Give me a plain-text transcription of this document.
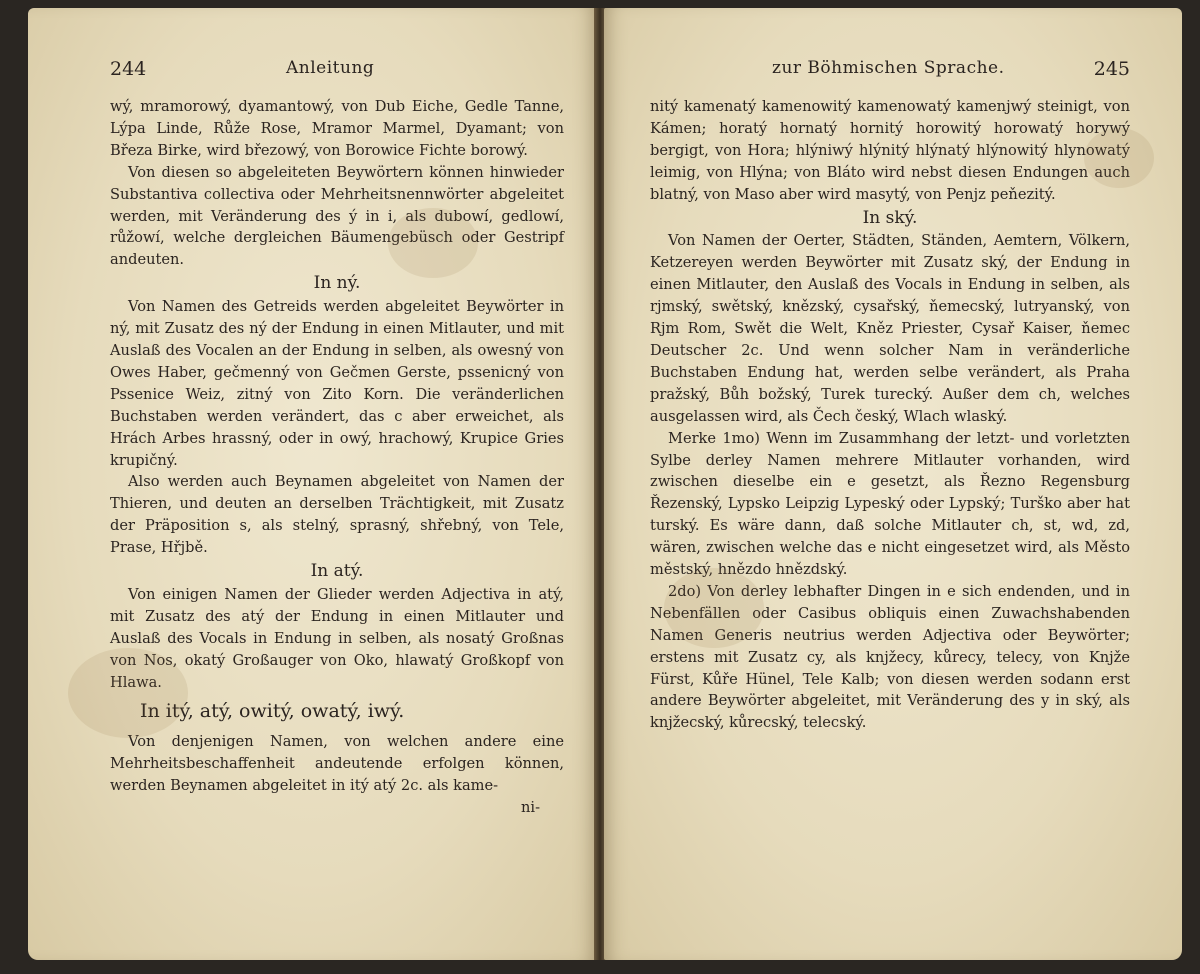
244	Anleitung

wý, mramorowý, dyamantowý, von Dub Eiche, Gedle Tanne, Lýpa Linde, Růže Rose, Mramor Marmel, Dyamant; von Březa Birke, wird březowý, von Borowice Fichte borowý.

Von diesen so abgeleiteten Beywörtern können hinwieder Substantiva collectiva oder Mehrheitsnennwörter abgeleitet werden, mit Veränderung des ý in i, als dubowí, gedlowí, růžowí, welche dergleichen Bäumengebüsch oder Gestripf andeuten.

In ný.

Von Namen des Getreids werden abgeleitet Beywörter in ný, mit Zusatz des ný der Endung in einen Mitlauter, und mit Auslaß des Vocalen an der Endung in selben, als owesný von Owes Haber, gečmenný von Gečmen Gerste, pssenicný von Pssenice Weiz, zitný von Zito Korn. Die veränderlichen Buchstaben werden verändert, das c aber erweichet, als Hrách Arbes hrassný, oder in owý, hrachowý, Krupice Gries krupičný.

Also werden auch Beynamen abgeleitet von Namen der Thieren, und deuten an derselben Trächtigkeit, mit Zusatz der Präposition s, als stelný, sprasný, shřebný, von Tele, Prase, Hřjbě.

In atý.

Von einigen Namen der Glieder werden Adjectiva in atý, mit Zusatz des atý der Endung in einen Mitlauter und Auslaß des Vocals in Endung in selben, als nosatý Großnas von Nos, okatý Großauger von Oko, hlawatý Großkopf von Hlawa.

In itý, atý, owitý, owatý, iwý.

Von denjenigen Namen, von welchen andere eine Mehrheitsbeschaffenheit andeutende erfolgen können, werden Beynamen abgeleitet in itý atý 2c. als kame-

ni-

zur Böhmischen Sprache.	245

nitý kamenatý kamenowitý kamenowatý kamenjwý steinigt, von Kámen; horatý hornatý hornitý horowitý horowatý horywý bergigt, von Hora; hlýniwý hlýnitý hlýnatý hlýnowitý hlynowatý leimig, von Hlýna; von Bláto wird nebst diesen Endungen auch blatný, von Maso aber wird masytý, von Penjz peňezitý.

In ský.

Von Namen der Oerter, Städten, Ständen, Aemtern, Völkern, Ketzereyen werden Beywörter mit Zusatz ský, der Endung in einen Mitlauter, den Auslaß des Vocals in Endung in selben, als rjmský, swětský, knězský, cysařský, ňemecský, lutryanský, von Rjm Rom, Swět die Welt, Kněz Priester, Cysař Kaiser, ňemec Deutscher 2c. Und wenn solcher Nam in veränderliche Buchstaben Endung hat, werden selbe verändert, als Praha pražský, Bůh božský, Turek turecký. Außer dem ch, welches ausgelassen wird, als Čech český, Wlach wlaský.

Merke 1mo) Wenn im Zusammhang der letzt- und vorletzten Sylbe derley Namen mehrere Mitlauter vorhanden, wird zwischen dieselbe ein e gesetzt, als Řezno Regensburg Řezenský, Lypsko Leipzig Lypeský oder Lypský; Turško aber hat turský. Es wäre dann, daß solche Mitlauter ch, st, wd, zd, wären, zwischen welche das e nicht eingesetzet wird, als Město městský, hnězdo hnězdský.

2do) Von derley lebhafter Dingen in e sich endenden, und in Nebenfällen oder Casibus obliquis einen Zuwachshabenden Namen Generis neutrius werden Adjectiva oder Beywörter; erstens mit Zusatz cy, als knjžecy, kůrecy, telecy, von Knjže Fürst, Kůře Hünel, Tele Kalb; von diesen werden sodann erst andere Beywörter abgeleitet, mit Veränderung des y in ský, als knjžecský, kůrecský, telecský.
